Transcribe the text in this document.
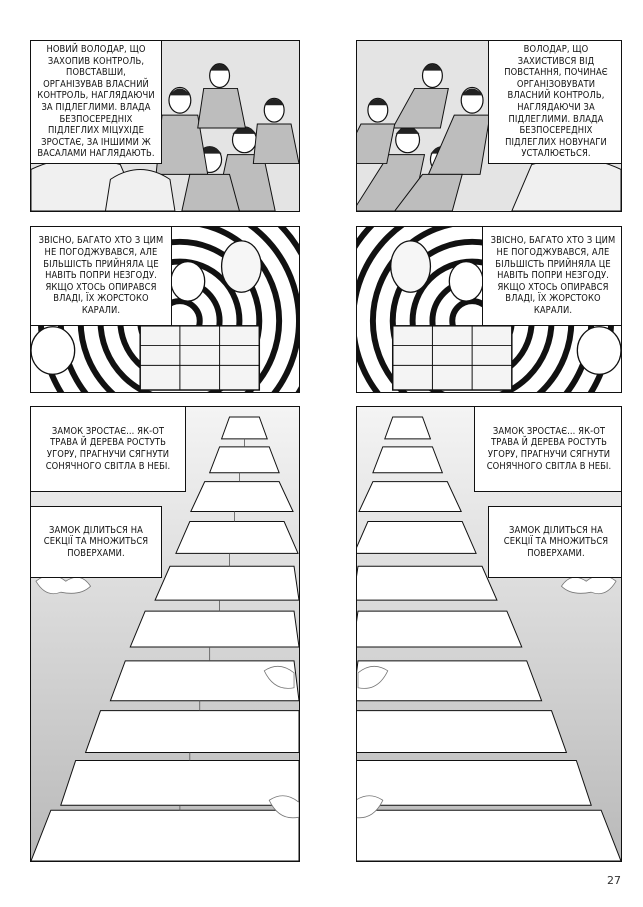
НОВИЙ ВОЛОДАР, ЩО ЗАХОПИВ КОНТРОЛЬ, ПОВСТАВШИ, ОРГАНІЗУВАВ ВЛАСНИЙ КОНТРОЛЬ, НАГЛЯДАЮЧИ ЗА ПІДЛЕГЛИМИ. ВЛАДА БЕЗПОСЕРЕДНІХ ПІДЛЕГЛИХ МІЦУХІДЕ ЗРОСТАЄ, ЗА ІНШИМИ Ж ВАСАЛАМИ НАГЛЯДАЮТЬ.
ВОЛОДАР, ЩО ЗАХИСТИВСЯ ВІД ПОВСТАННЯ, ПОЧИНАЄ ОРГАНІЗОВУВАТИ ВЛАСНИЙ КОНТРОЛЬ, НАГЛЯДАЮЧИ ЗА ПІДЛЕГЛИМИ. ВЛАДА БЕЗПОСЕРЕДНІХ ПІДЛЕГЛИХ НОВУНАГИ УСТАЛЮЄТЬСЯ.
ЗВІСНО, БАГАТО ХТО З ЦИМ НЕ ПОГОДЖУВАВСЯ, АЛЕ БІЛЬШІСТЬ ПРИЙНЯЛА ЦЕ НАВІТЬ ПОПРИ НЕЗГОДУ. ЯКЩО ХТОСЬ ОПИРАВСЯ ВЛАДІ, ЇХ ЖОРСТОКО КАРАЛИ.
ЗВІСНО, БАГАТО ХТО З ЦИМ НЕ ПОГОДЖУВАВСЯ, АЛЕ БІЛЬШІСТЬ ПРИЙНЯЛА ЦЕ НАВІТЬ ПОПРИ НЕЗГОДУ. ЯКЩО ХТОСЬ ОПИРАВСЯ ВЛАДІ, ЇХ ЖОРСТОКО КАРАЛИ.
ЗАМОК ЗРОСТАЄ... ЯК-ОТ ТРАВА Й ДЕРЕВА РОСТУТЬ УГОРУ, ПРАГНУЧИ СЯГНУТИ СОНЯЧНОГО СВІТЛА В НЕБІ.
ЗАМОК ДІЛИТЬСЯ НА СЕКЦІЇ ТА МНОЖИТЬСЯ ПОВЕРХАМИ.
ЗАМОК ЗРОСТАЄ... ЯК-ОТ ТРАВА Й ДЕРЕВА РОСТУТЬ УГОРУ, ПРАГНУЧИ СЯГНУТИ СОНЯЧНОГО СВІТЛА В НЕБІ.
ЗАМОК ДІЛИТЬСЯ НА СЕКЦІЇ ТА МНОЖИТЬСЯ ПОВЕРХАМИ.
27
